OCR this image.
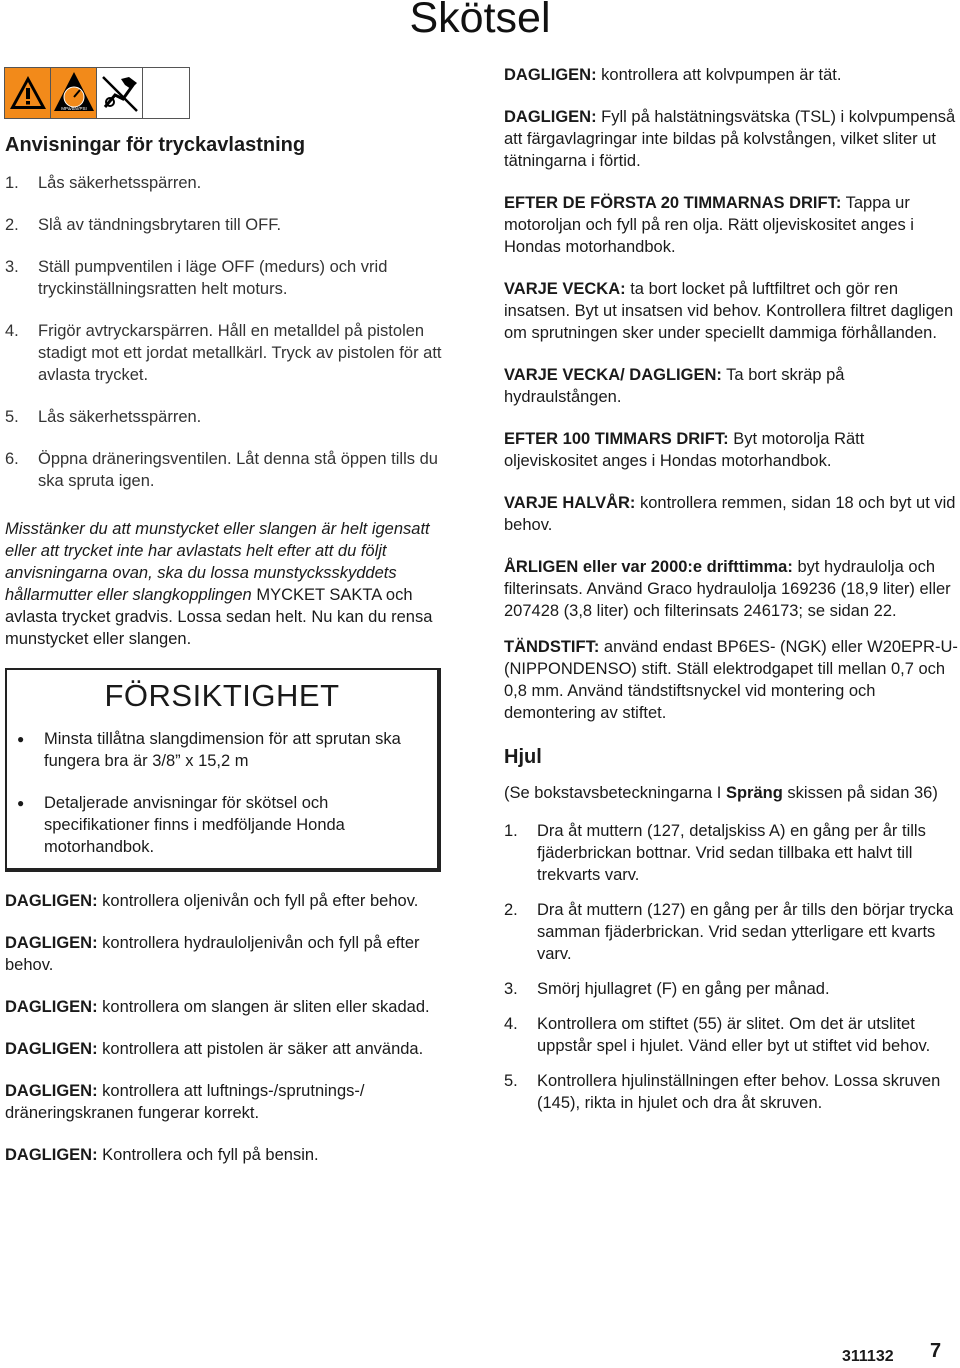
Skötsel
MPa/bar/PSI
Anvisningar för tryckavlastning
1.	Lås säkerhetsspärren.
2.	Slå av tändningsbrytaren till OFF.
3.	Ställ pumpventilen i läge OFF (medurs) och vrid tryckinställningsratten helt moturs.
4.	Frigör avtryckarspärren. Håll en metalldel på pistolen stadigt mot ett jordat metallkärl. Tryck av pistolen för att avlasta trycket.
5.	Lås säkerhetsspärren.
6.	Öppna dräneringsventilen. Låt denna stå öppen tills du ska spruta igen.

Misstänker du att munstycket eller slangen är helt igensatt eller att trycket inte har avlastats helt efter att du följt anvisningarna ovan, ska du lossa munstycksskyddets hållarmutter eller slangkopplingen MYCKET SAKTA och avlasta trycket gradvis. Lossa sedan helt. Nu kan du rensa munstycket eller slangen.

FÖRSIKTIGHET
●	Minsta tillåtna slangdimension för att sprutan ska fungera bra är 3/8” x 15,2 m
●	Detaljerade anvisningar för skötsel och specifikationer finns i medföljande Honda motorhandbok.

DAGLIGEN: kontrollera oljenivån och fyll på efter behov.

DAGLIGEN: kontrollera hydrauloljenivån och fyll på efter behov.

DAGLIGEN: kontrollera om slangen är sliten eller skadad.

DAGLIGEN: kontrollera att pistolen är säker att använda.

DAGLIGEN: kontrollera att luftnings-/sprutnings-/ dräneringskranen fungerar korrekt.

DAGLIGEN: Kontrollera och fyll på bensin.

DAGLIGEN: kontrollera att kolvpumpen är tät.

DAGLIGEN: Fyll på halstätningsvätska (TSL) i kolvpumpenså att färgavlagringar inte bildas på kolvstången, vilket sliter ut tätningarna i förtid.

EFTER DE FÖRSTA 20 TIMMARNAS DRIFT: Tappa ur motoroljan och fyll på ren olja. Rätt oljeviskositet anges i Hondas motorhandbok.

VARJE VECKA: ta bort locket på luftfiltret och gör ren insatsen. Byt ut insatsen vid behov. Kontrollera filtret dagligen om sprutningen sker under speciellt dammiga förhållanden.

VARJE VECKA/ DAGLIGEN: Ta bort skräp på hydraulstången.

EFTER 100 TIMMARS DRIFT: Byt motorolja Rätt oljeviskositet anges i Hondas motorhandbok.

VARJE HALVÅR: kontrollera remmen, sidan 18 och byt ut vid behov.

ÅRLIGEN eller var 2000:e drifttimma: byt hydraulolja och filterinsats. Använd Graco hydraulolja 169236 (18,9 liter) eller 207428 (3,8 liter) och filterinsats 246173; se sidan 22.

TÄNDSTIFT: använd endast BP6ES- (NGK) eller W20EPR-U- (NIPPONDENSO) stift. Ställ elektrodgapet till mellan 0,7 och 0,8 mm. Använd tändstiftsnyckel vid montering och demontering av stiftet.

Hjul

(Se bokstavsbeteckningarna I Spräng skissen på sidan 36)

1.	Dra åt muttern (127, detaljskiss A) en gång per år tills fjäderbrickan bottnar. Vrid sedan tillbaka ett halvt till trekvarts varv.
2.	Dra åt muttern (127) en gång per år tills den börjar trycka samman fjäderbrickan. Vrid sedan ytterligare ett kvarts varv.
3.	Smörj hjullagret (F) en gång per månad.
4.	Kontrollera om stiftet (55) är slitet. Om det är utslitet uppstår spel i hjulet. Vänd eller byt ut stiftet vid behov.
5.	Kontrollera hjulinställningen efter behov. Lossa skruven (145), rikta in hjulet och dra åt skruven.
311132 7
